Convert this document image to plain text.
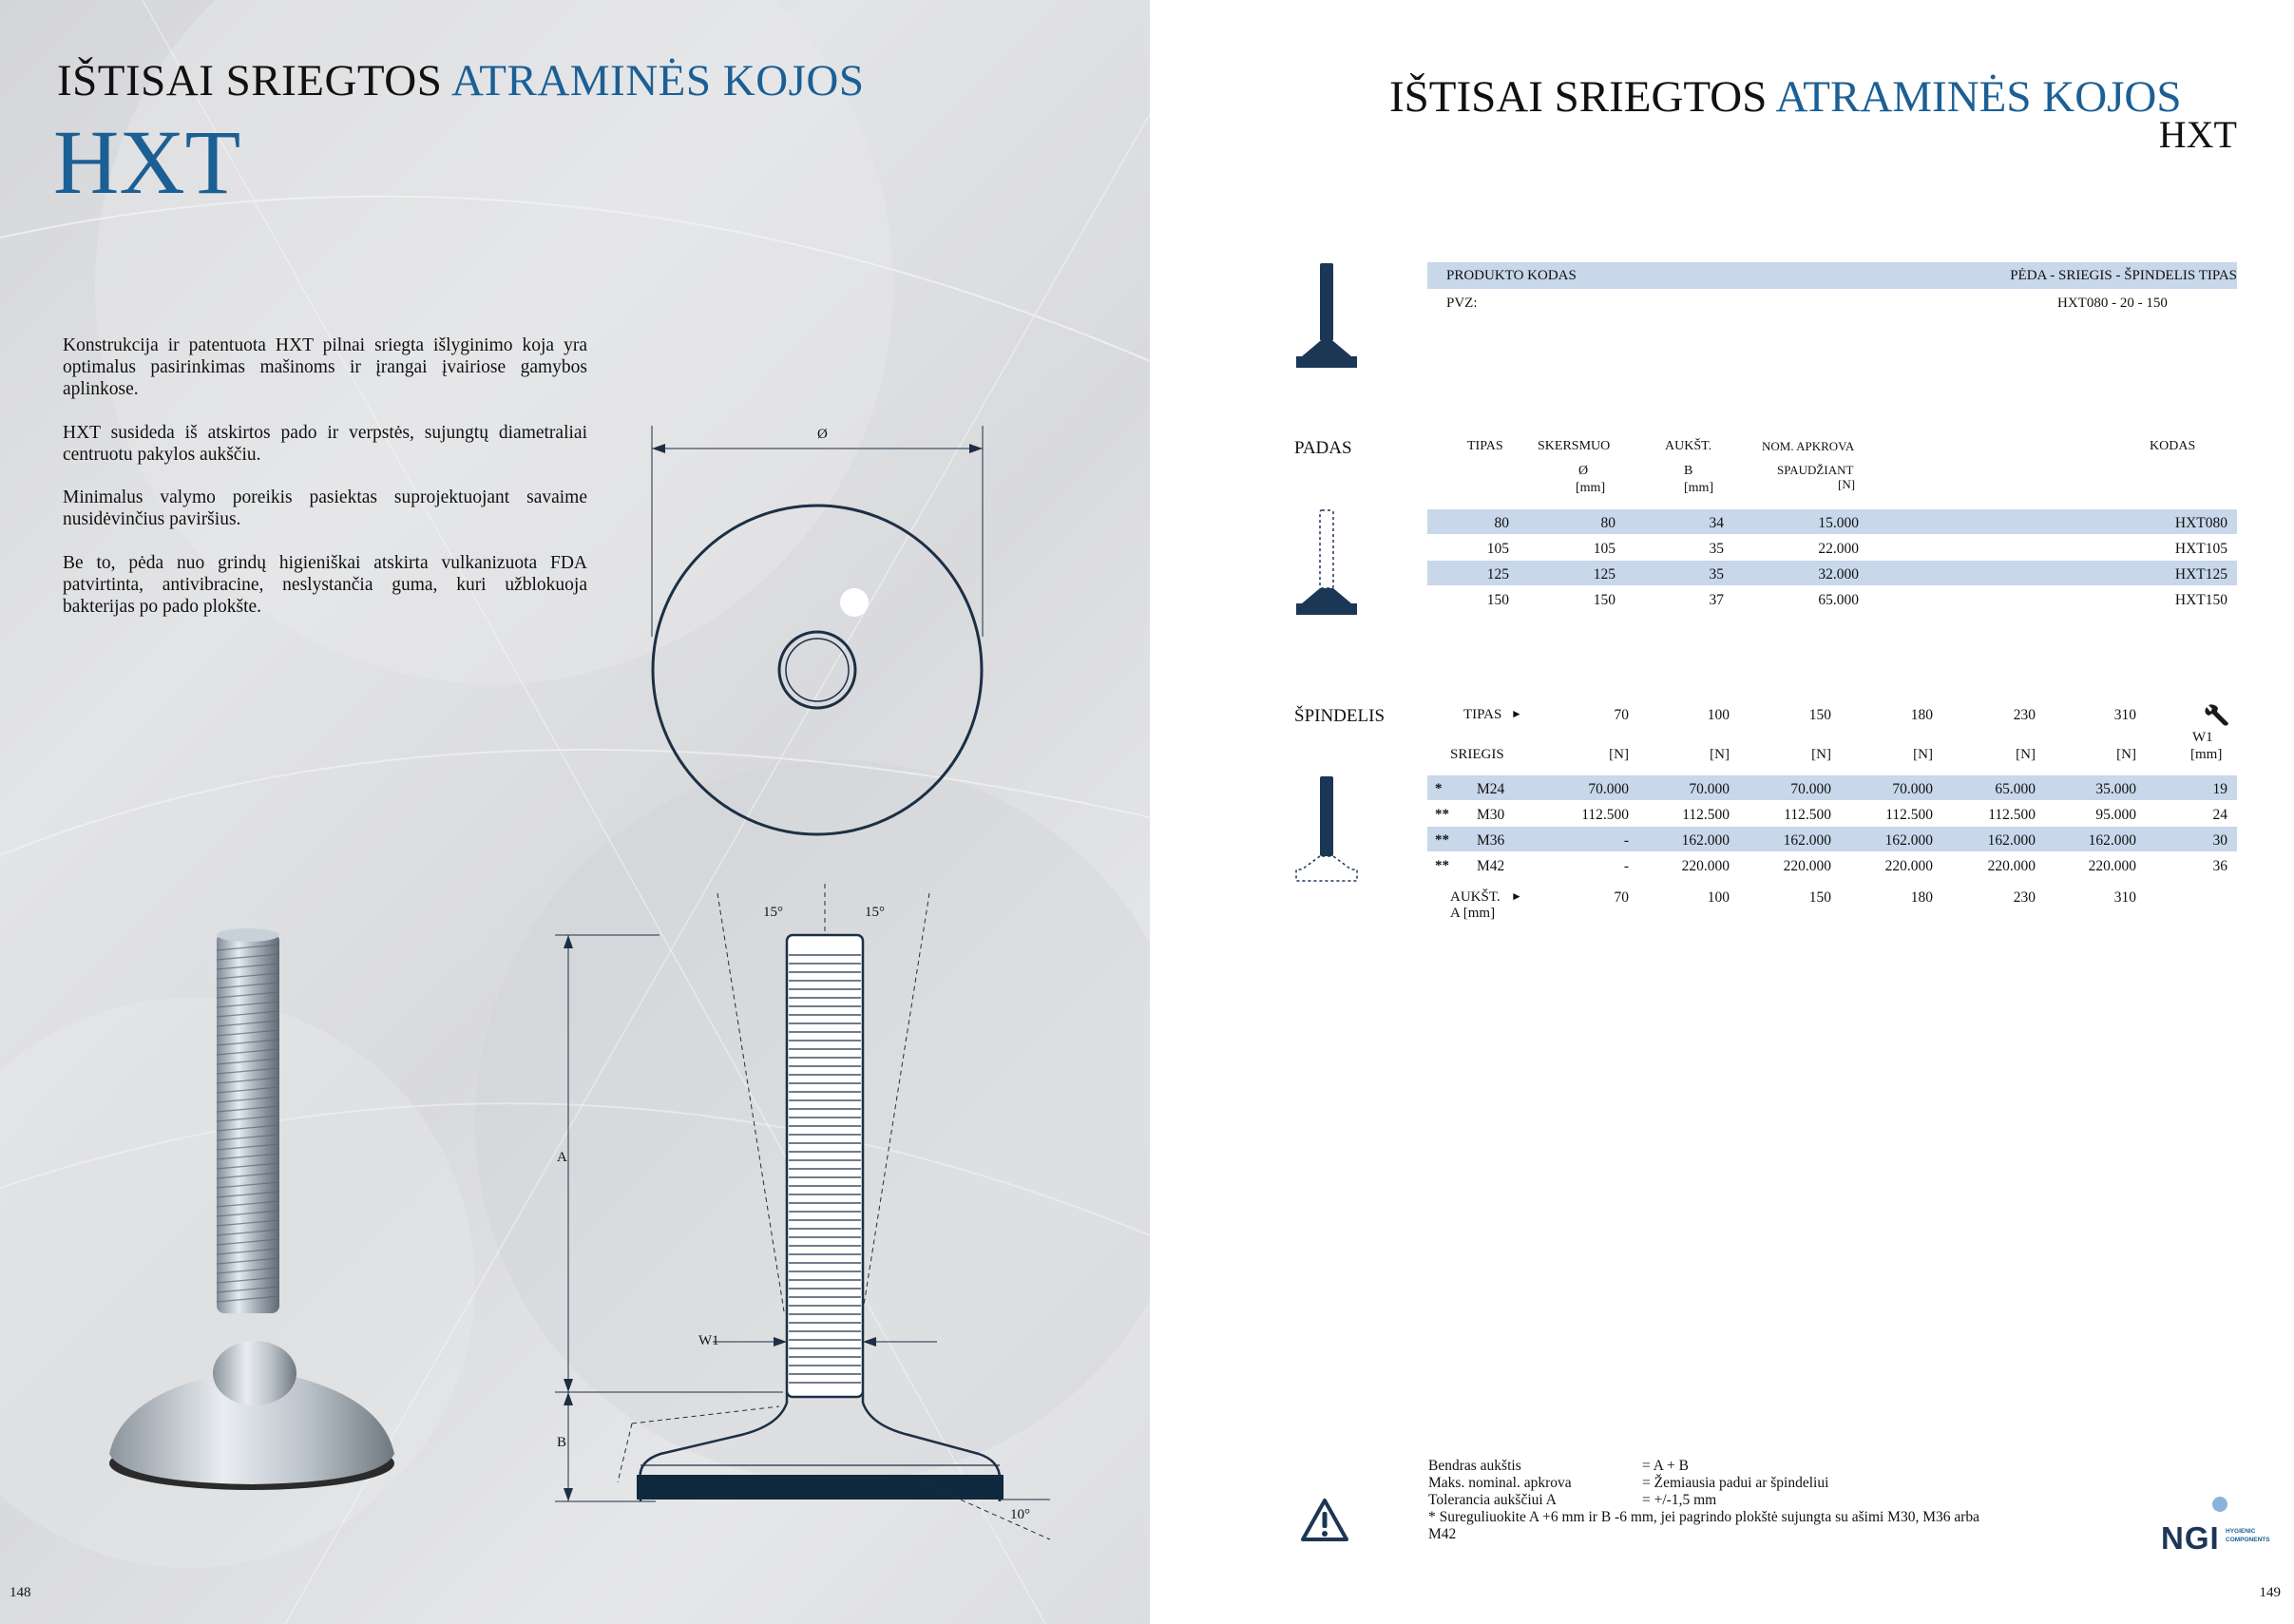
IŠTISAI SRIEGTOS ATRAMINĖS KOJOS
HXT
Konstrukcija ir patentuota HXT pilnai sriegta išlyginimo koja yra optimalus pasirinkimas mašinoms ir įrangai įvairiose gamybos aplinkose.
HXT susideda iš atskirtos pado ir verpstės, sujungtų diametraliai centruotu pakylos aukščiu.
Minimalus valymo poreikis pasiektas suprojektuojant savaime nusidėvinčius paviršius.
Be to, pėda nuo grindų higieniškai atskirta vulkanizuota FDA patvirtinta, antivibracine, neslystančia guma, kuri užblokuoja bakterijas po pado plokšte.
Ø
15°	15°
A
B
W1
10°
148
IŠTISAI SRIEGTOS ATRAMINĖS KOJOS
HXT
PRODUKTO KODAS	PĖDA - SRIEGIS - ŠPINDELIS TIPAS
PVZ:	HXT080 - 20 - 150
PADAS	TIPAS	SKERSMUO	AUKŠT.	NOM. APKROVA	KODAS
Ø
[mm]
B
[mm]
SPAUDŽIANT
[N]
80	80	34	15.000	HXT080
105	105	35	22.000	HXT105
125	125	35	32.000	HXT125
150	150	37	65.000	HXT150
ŠPINDELIS	TIPAS ►	70	100	150	180	230	310
W1
[mm]
SRIEGIS	[N]	[N]	[N]	[N]	[N]	[N]
* M24	70.000	70.000	70.000	70.000	65.000	35.000	19
** M30	112.500	112.500	112.500	112.500	112.500	95.000	24
** M36	-	162.000	162.000	162.000	162.000	162.000	30
** M42	-	220.000	220.000	220.000	220.000	220.000	36
AUKŠT. ►
A [mm]
70	100	150	180	230	310
Bendras aukštis	= A + B
Maks. nominal. apkrova	= Žemiausia padui ar špindeliui
Tolerancia aukščiui A	= +/-1,5 mm
* Sureguliuokite A +6 mm ir B -6 mm, jei pagrindo plokštė sujungta su ašimi M30, M36 arba
M42	NGI HYGIENIC
COMPONENTS
149
